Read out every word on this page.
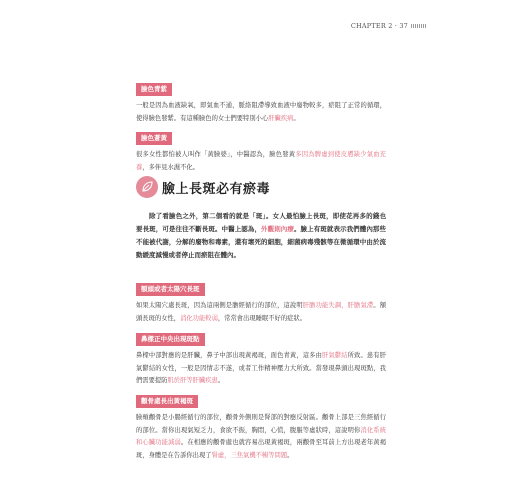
CHAPTER 2 · 37
臉色青紫

一般是因為血液缺氧，即氣血不通，脈絡阻滯導致血液中廢物較多，瘀阻了正常的循環，使得臉色發紫。有這種臉色的女士們要特別小心肝臟疾病。

臉色蒼黃

很多女性都怕被人叫作「黃臉婆」，中醫認為，臉色發黃多因為脾虛到使皮膚缺少氣血充養，多伴見水濕不化。

臉上長斑必有瘀毒

除了看臉色之外，第二個看的就是「斑」。女人最怕臉上長斑，即使花再多的錢也要長斑，可是往往不斷長斑。中醫上認為，外觀則內療。臉上有斑就表示我們體內那些不能被代謝，分解的廢物和毒素，還有壞死的細胞，細菌病毒殘骸等在微循環中由於流動緩度減慢或者停止而瘀阻在體內。

額頭或者太陽穴長斑

如果太陽穴處長斑，因為這兩側是膽經循行的部位，這說明肝膽功能失調，肝膽氣滯。額頭長斑的女性，消化功能較弱，常常會出現睡眠不好的症狀。

鼻樑正中央出現斑點

鼻樑中部對應的是肝臟，鼻子中部出現黃褐斑，面色青黃，這多由肝氣鬱結所致。患有肝氣鬱結的女性，一般是因情志不遂，或者工作精神壓力大所致。當發現鼻頭出現斑點，我們需要提防肌於肝等肝臟疾患。

顴骨處長出黃褐斑

臉頰顴骨是小腸經循行的部位，顴骨外側則是腎部的對應反射區。顴骨上部是三焦經循行的部位。當你出現氣短乏力，食欲不振，胸悶，心慌，腹脹等虛狀時，這說明你消化系統和心臟功能減弱。在相應的顴骨處也就容易出現黃褐斑，兩顴骨至耳前上方出現老年黃褐斑，身體是在告訴你出現了腎虛，三焦氣機不暢等問題。
